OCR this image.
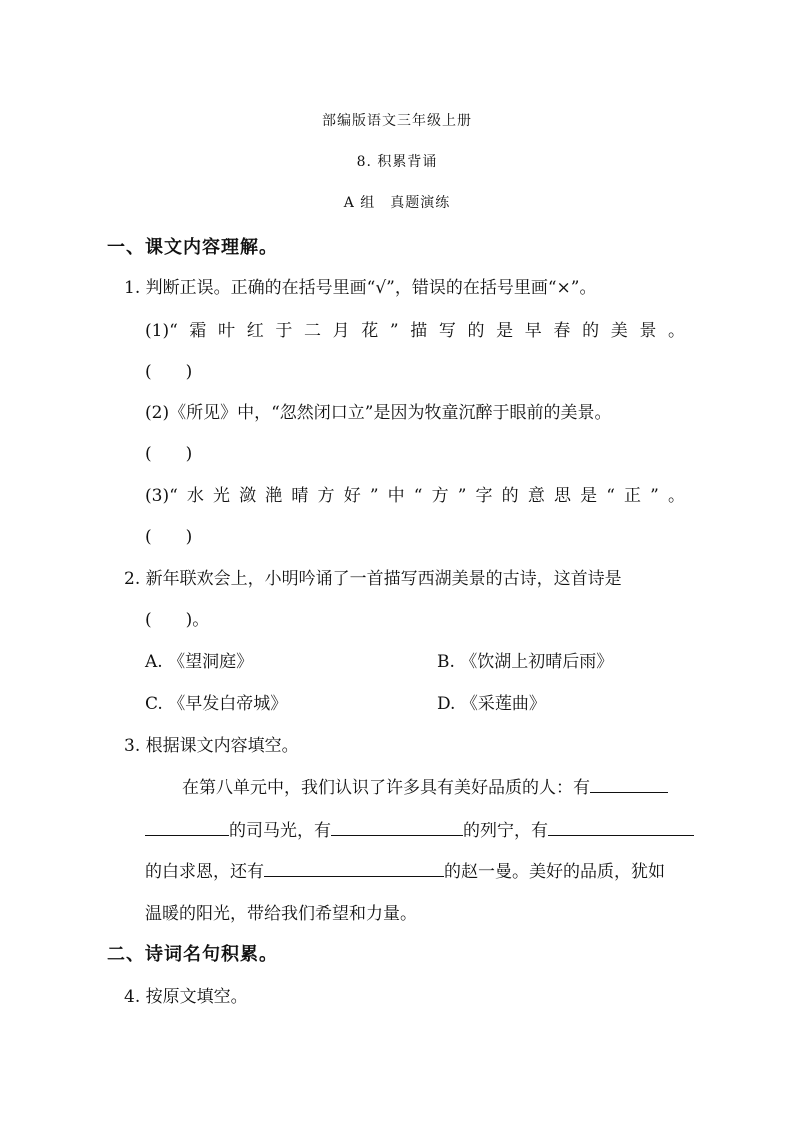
部编版语文三年级上册
8. 积累背诵
A 组　真题演练
一、课文内容理解。
1. 判断正误。正确的在括号里画“√”，错误的在括号里画“×”。
(1)“霜叶红于二月花”描写的是早春的美景。
(　　)
(2)《所见》中，“忽然闭口立”是因为牧童沉醉于眼前的美景。
(　　)
(3)“水光潋滟晴方好”中“方”字的意思是“正”。
(　　)
2. 新年联欢会上，小明吟诵了一首描写西湖美景的古诗，这首诗是
(　　)。
A. 《望洞庭》	B. 《饮湖上初晴后雨》
C. 《早发白帝城》	D. 《采莲曲》
3. 根据课文内容填空。
在第八单元中，我们认识了许多具有美好品质的人：有
的司马光，有	的列宁，有
的白求恩，还有	的赵一曼。美好的品质，犹如
温暖的阳光，带给我们希望和力量。
二、诗词名句积累。
4. 按原文填空。
